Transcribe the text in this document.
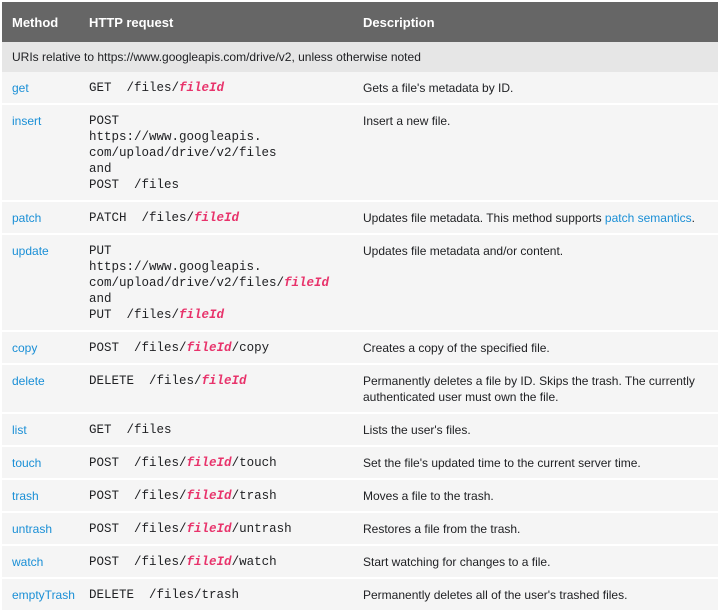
Method	HTTP request	Description
URIs relative to https://www.googleapis.com/drive/v2, unless otherwise noted		
get	GET /files/fileId	Gets a file's metadata by ID.
insert	POST
https://www.googleapis.
com/upload/drive/v2/files
and
POST /files	Insert a new file.
patch	PATCH /files/fileId	Updates file metadata. This method supports patch semantics.
update	PUT
https://www.googleapis.
com/upload/drive/v2/files/fileId
and
PUT /files/fileId	Updates file metadata and/or content.
copy	POST /files/fileId/copy	Creates a copy of the specified file.
delete	DELETE /files/fileId	Permanently deletes a file by ID. Skips the trash. The currently authenticated user must own the file.
list	GET /files	Lists the user's files.
touch	POST /files/fileId/touch	Set the file's updated time to the current server time.
trash	POST /files/fileId/trash	Moves a file to the trash.
untrash	POST /files/fileId/untrash	Restores a file from the trash.
watch	POST /files/fileId/watch	Start watching for changes to a file.
emptyTrash	DELETE /files/trash	Permanently deletes all of the user's trashed files.
